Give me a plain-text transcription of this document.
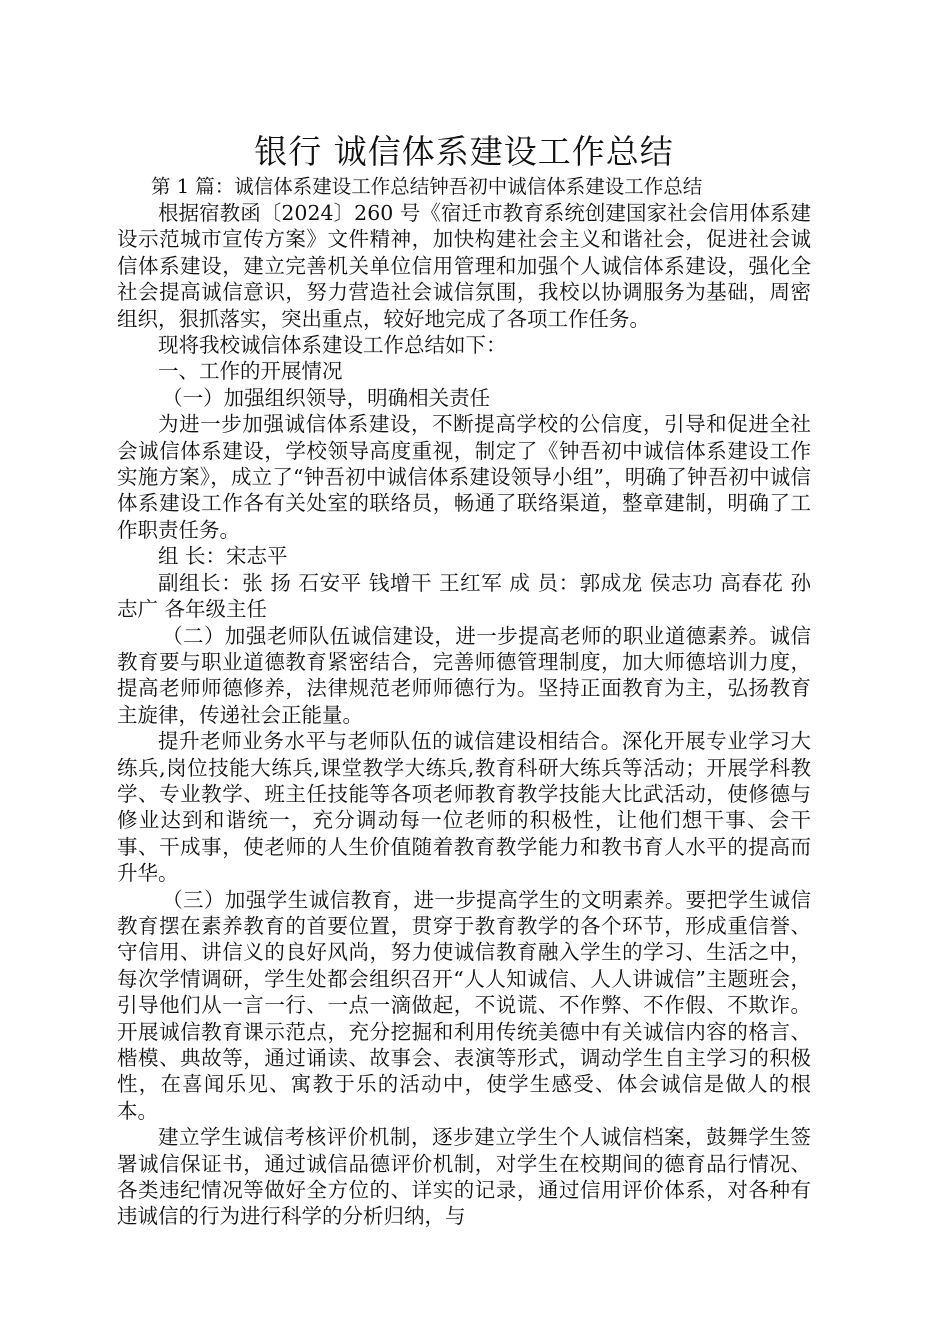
银行 诚信体系建设工作总结

第 1 篇：诚信体系建设工作总结钟吾初中诚信体系建设工作总结

根据宿教函〔2024〕260 号《宿迁市教育系统创建国家社会信用体系建设示范城市宣传方案》文件精神，加快构建社会主义和谐社会，促进社会诚信体系建设，建立完善机关单位信用管理和加强个人诚信体系建设，强化全社会提高诚信意识，努力营造社会诚信氛围，我校以协调服务为基础，周密组织，狠抓落实，突出重点，较好地完成了各项工作任务。

现将我校诚信体系建设工作总结如下：

一、工作的开展情况

（一）加强组织领导，明确相关责任

为进一步加强诚信体系建设，不断提高学校的公信度，引导和促进全社会诚信体系建设，学校领导高度重视，制定了《钟吾初中诚信体系建设工作实施方案》，成立了“钟吾初中诚信体系建设领导小组”，明确了钟吾初中诚信体系建设工作各有关处室的联络员，畅通了联络渠道，整章建制，明确了工作职责任务。

组 长：宋志平

副组长：张 扬 石安平 钱增干 王红军 成 员：郭成龙 侯志功 高春花 孙志广 各年级主任

（二）加强老师队伍诚信建设，进一步提高老师的职业道德素养。诚信教育要与职业道德教育紧密结合，完善师德管理制度，加大师德培训力度，提高老师师德修养，法律规范老师师德行为。坚持正面教育为主，弘扬教育主旋律，传递社会正能量。

提升老师业务水平与老师队伍的诚信建设相结合。深化开展专业学习大练兵,岗位技能大练兵,课堂教学大练兵,教育科研大练兵等活动；开展学科教学、专业教学、班主任技能等各项老师教育教学技能大比武活动，使修德与修业达到和谐统一，充分调动每一位老师的积极性，让他们想干事、会干事、干成事，使老师的人生价值随着教育教学能力和教书育人水平的提高而升华。

（三）加强学生诚信教育，进一步提高学生的文明素养。要把学生诚信教育摆在素养教育的首要位置，贯穿于教育教学的各个环节，形成重信誉、守信用、讲信义的良好风尚，努力使诚信教育融入学生的学习、生活之中，每次学情调研，学生处都会组织召开“人人知诚信、人人讲诚信”主题班会，引导他们从一言一行、一点一滴做起，不说谎、不作弊、不作假、不欺诈。开展诚信教育课示范点，充分挖掘和利用传统美德中有关诚信内容的格言、楷模、典故等，通过诵读、故事会、表演等形式，调动学生自主学习的积极性，在喜闻乐见、寓教于乐的活动中，使学生感受、体会诚信是做人的根本。

建立学生诚信考核评价机制，逐步建立学生个人诚信档案，鼓舞学生签署诚信保证书，通过诚信品德评价机制，对学生在校期间的德育品行情况、各类违纪情况等做好全方位的、详实的记录，通过信用评价体系，对各种有违诚信的行为进行科学的分析归纳，与
